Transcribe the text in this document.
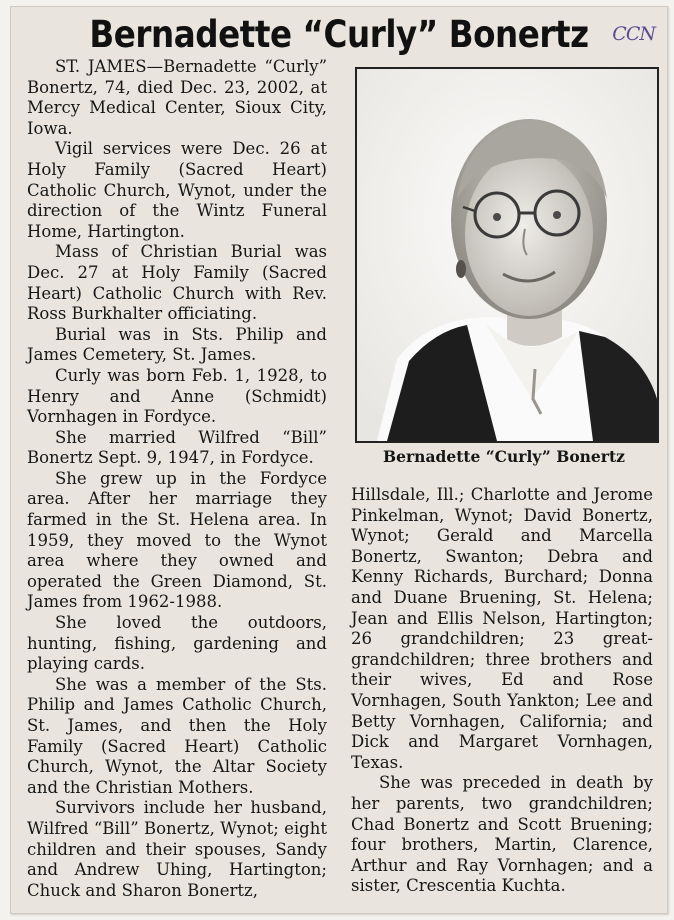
Bernadette “Curly” Bonertz	CCN

ST. JAMES—Bernadette “Curly” Bonertz, 74, died Dec. 23, 2002, at Mercy Medical Center, Sioux City, Iowa.

Vigil services were Dec. 26 at Holy Family (Sacred Heart) Catholic Church, Wynot, under the direction of the Wintz Funeral Home, Hartington.

Mass of Christian Burial was Dec. 27 at Holy Family (Sacred Heart) Catholic Church with Rev. Ross Burkhalter officiating.

Burial was in Sts. Philip and James Cemetery, St. James.

Curly was born Feb. 1, 1928, to Henry and Anne (Schmidt) Vornhagen in Fordyce.

She married Wilfred “Bill” Bonertz Sept. 9, 1947, in Fordyce.

She grew up in the Fordyce area. After her marriage they farmed in the St. Helena area. In 1959, they moved to the Wynot area where they owned and operated the Green Diamond, St. James from 1962-1988.

She loved the outdoors, hunting, fishing, gardening and playing cards.

She was a member of the Sts. Philip and James Catholic Church, St. James, and then the Holy Family (Sacred Heart) Catholic Church, Wynot, the Altar Society and the Christian Mothers.

Survivors include her husband, Wilfred “Bill” Bonertz, Wynot; eight children and their spouses, Sandy and Andrew Uhing, Hartington; Chuck and Sharon Bonertz,

Bernadette “Curly” Bonertz

Hillsdale, Ill.; Charlotte and Jerome Pinkelman, Wynot; David Bonertz, Wynot; Gerald and Marcella Bonertz, Swanton; Debra and Kenny Richards, Burchard; Donna and Duane Bruening, St. Helena; Jean and Ellis Nelson, Hartington; 26 grandchildren; 23 great-grandchildren; three brothers and their wives, Ed and Rose Vornhagen, South Yankton; Lee and Betty Vornhagen, California; and Dick and Margaret Vornhagen, Texas.

She was preceded in death by her parents, two grandchildren; Chad Bonertz and Scott Bruening; four brothers, Martin, Clarence, Arthur and Ray Vornhagen; and a sister, Crescentia Kuchta.
